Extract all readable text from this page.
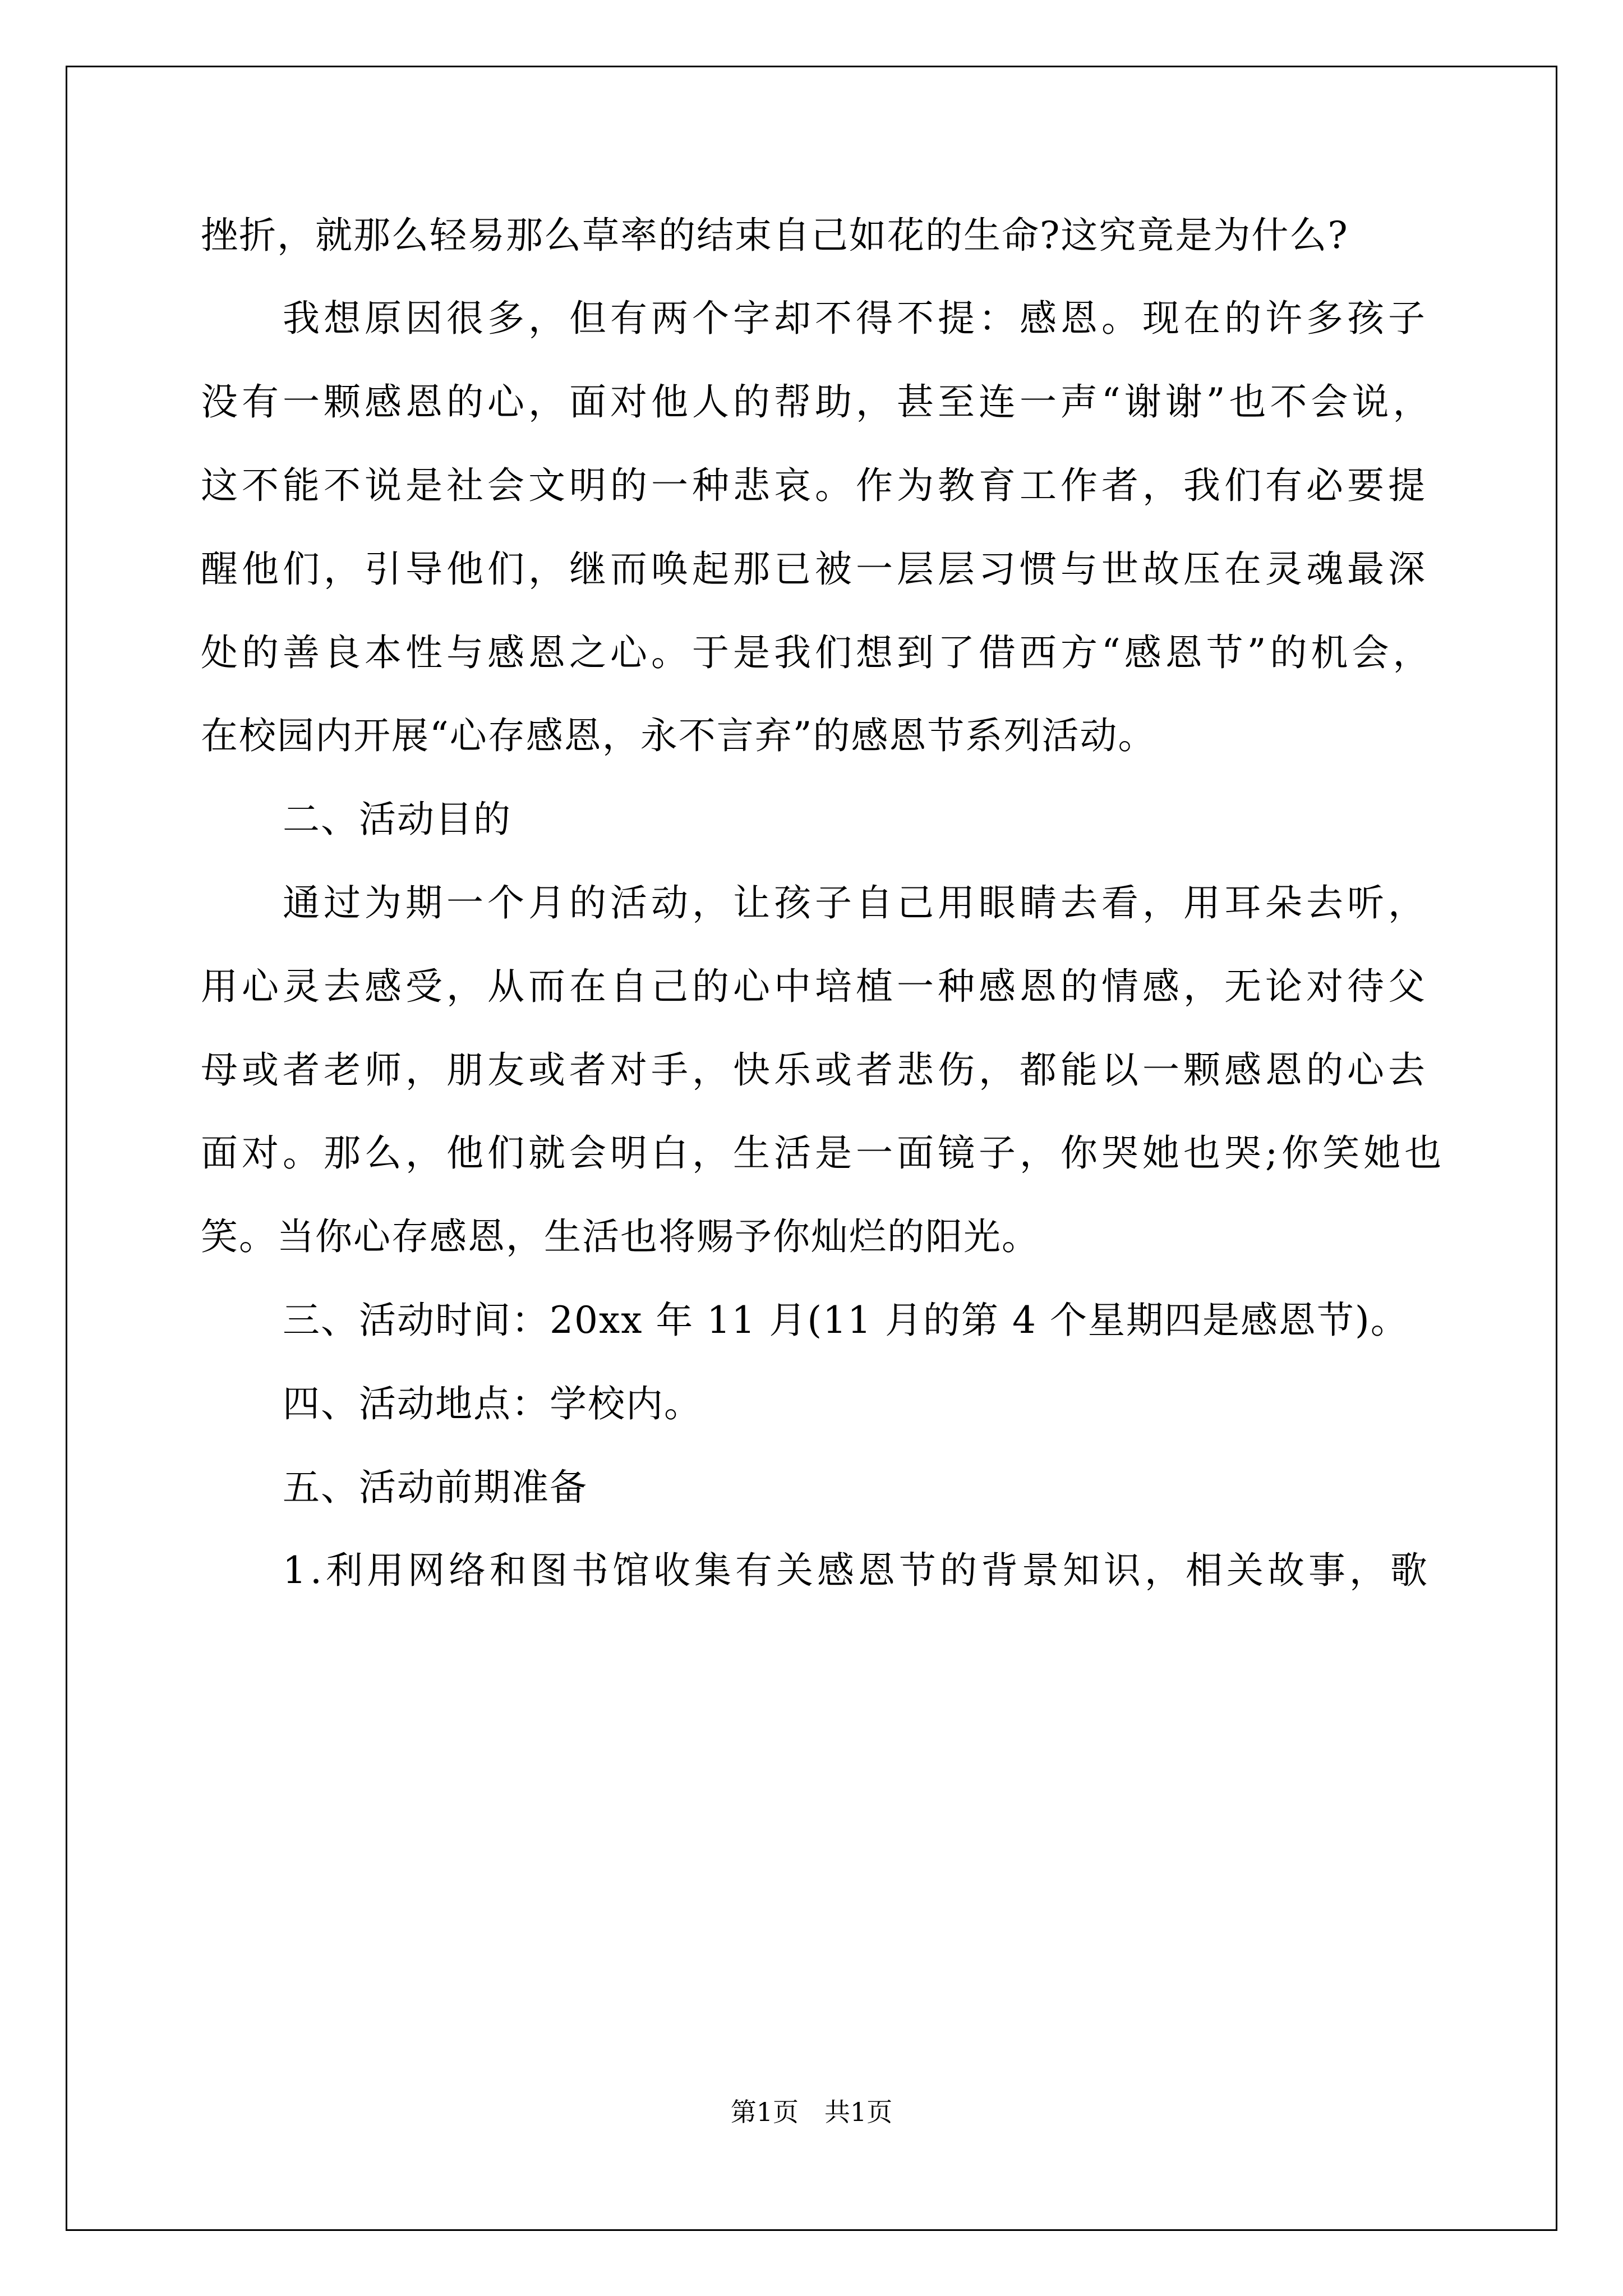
挫折，就那么轻易那么草率的结束自己如花的生命?这究竟是为什么?
我想原因很多，但有两个字却不得不提：感恩。现在的许多孩子
没有一颗感恩的心，面对他人的帮助，甚至连一声“谢谢”也不会说，
这不能不说是社会文明的一种悲哀。作为教育工作者，我们有必要提
醒他们，引导他们，继而唤起那已被一层层习惯与世故压在灵魂最深
处的善良本性与感恩之心。于是我们想到了借西方“感恩节”的机会，
在校园内开展“心存感恩，永不言弃”的感恩节系列活动。
二、活动目的
通过为期一个月的活动，让孩子自己用眼睛去看，用耳朵去听，
用心灵去感受，从而在自己的心中培植一种感恩的情感，无论对待父
母或者老师，朋友或者对手，快乐或者悲伤，都能以一颗感恩的心去
面对。那么，他们就会明白，生活是一面镜子，你哭她也哭;你笑她也
笑。当你心存感恩，生活也将赐予你灿烂的阳光。
三、活动时间：20xx 年 11 月(11 月的第 4 个星期四是感恩节)。
四、活动地点：学校内。
五、活动前期准备
1.利用网络和图书馆收集有关感恩节的背景知识，相关故事，歌
第1页　共1页
